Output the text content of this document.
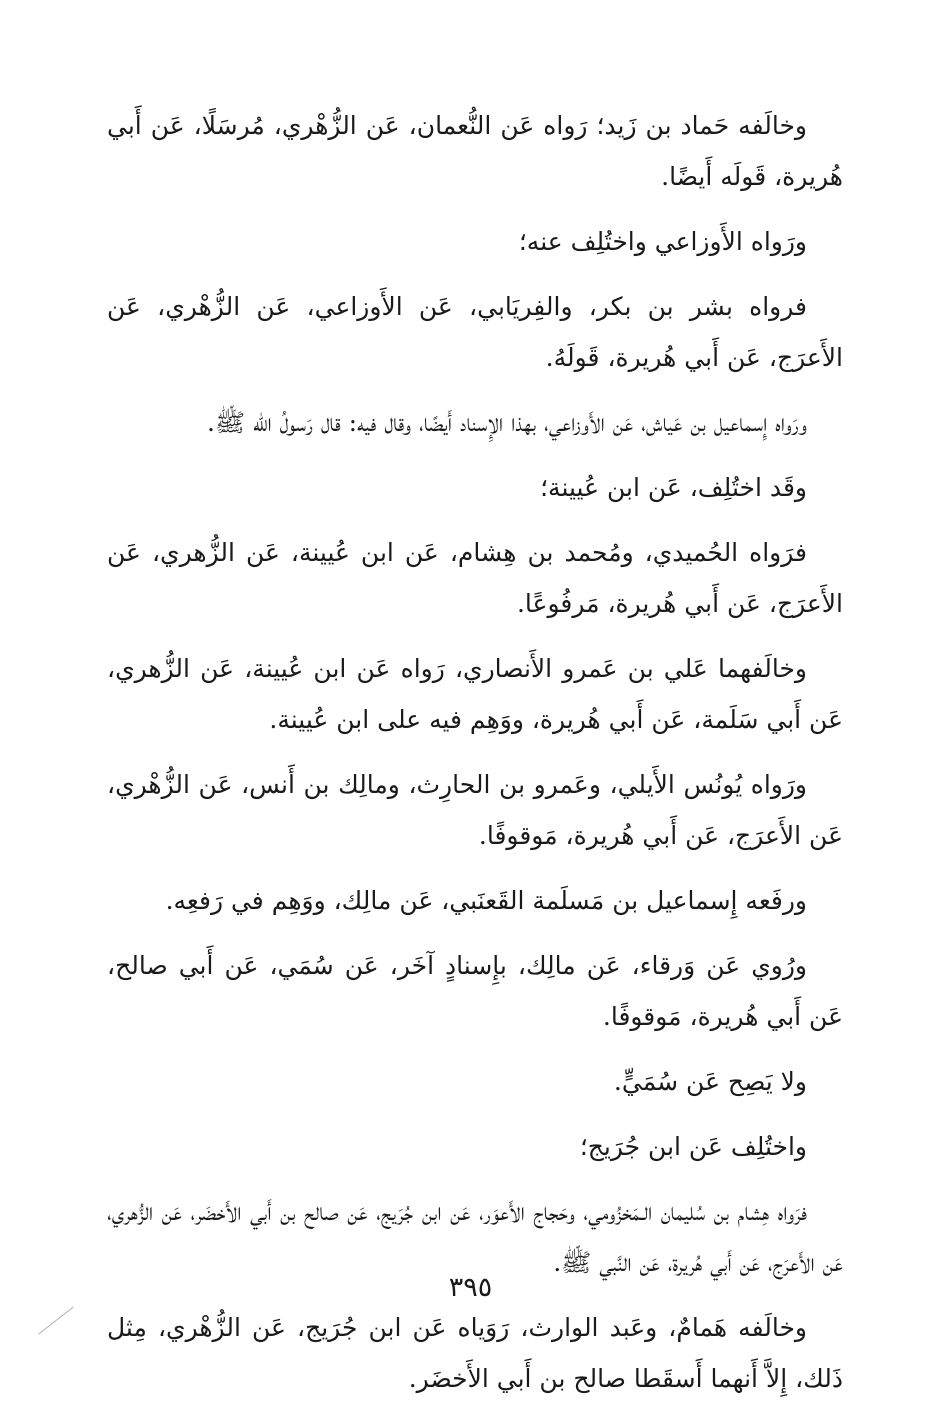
وخالَفه حَماد بن زَيد؛ رَواه عَن النُّعمان، عَن الزُّهْري، مُرسَلًا، عَن أَبي هُريرة، قَولَه أَيضًا.

ورَواه الأَوزاعي واختُلِف عنه؛

فرواه بشر بن بكر، والفِريَابي، عَن الأَوزاعي، عَن الزُّهْري، عَن الأَعرَج، عَن أَبي هُريرة، قَولَهُ.

ورَواه إِسماعيل بن عَياش، عَن الأَوزاعي، بهذا الإِسناد أَيضًا، وقال فيه: قال رَسولُ الله ﷺ.

وقَد اختُلِف، عَن ابن عُيينة؛

فرَواه الحُميدي، ومُحمد بن هِشام، عَن ابن عُيينة، عَن الزُّهري، عَن الأَعرَج، عَن أَبي هُريرة، مَرفُوعًا.

وخالَفهما عَلي بن عَمرو الأَنصاري، رَواه عَن ابن عُيينة، عَن الزُّهري، عَن أَبي سَلَمة، عَن أَبي هُريرة، ووَهِم فيه على ابن عُيينة.

ورَواه يُونُس الأَيلي، وعَمرو بن الحارِث، ومالِك بن أَنس، عَن الزُّهْري، عَن الأَعرَج، عَن أَبي هُريرة، مَوقوفًا.

ورفَعه إِسماعيل بن مَسلَمة القَعنَبي، عَن مالِك، ووَهِم في رَفعِه.

ورُوي عَن وَرقاء، عَن مالِك، بإِسنادٍ آخَر، عَن سُمَي، عَن أَبي صالح، عَن أَبي هُريرة، مَوقوفًا.

ولا يَصِح عَن سُمَيٍّ.

واختُلِف عَن ابن جُرَيج؛

فرَواه هِشام بن سُليمان الـمَخزُومي، وحَجاج الأَعوَر، عَن ابن جُرَيج، عَن صالح بن أَبي الأَخضَر، عَن الزُّهري، عَن الأَعرَج، عَن أَبي هُريرة، عَن النَّبي ﷺ.

وخالَفه هَمامٌ، وعَبد الوارث، رَوَياه عَن ابن جُرَيج، عَن الزُّهْري، مِثل ذَلك، إِلاَّ أَنهما أَسقَطا صالح بن أَبي الأَخضَر.

٣٩٥
